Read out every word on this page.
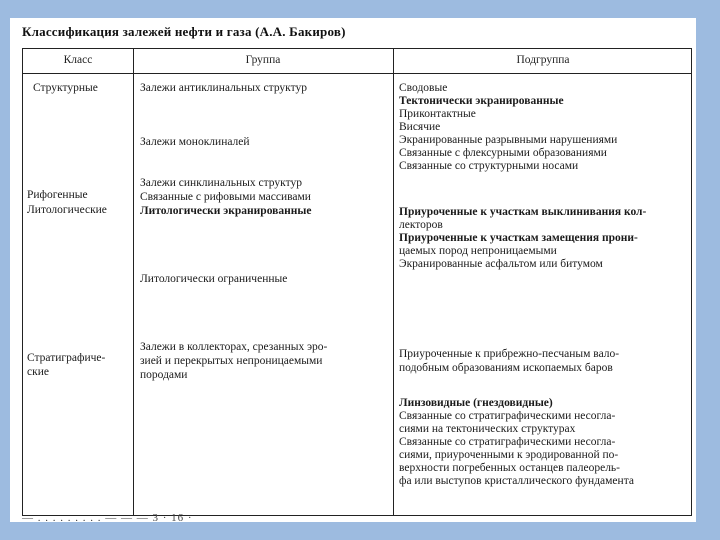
Классификация залежей нефти и газа (А.А. Бакиров)
Класс	Группа	Подгруппа
Структурные
Рифогенные
Литологические
Стратиграфиче-
ские
Залежи антиклинальных структур
Залежи моноклиналей
Залежи синклинальных структур
Связанные с рифовыми массивами
Литологически экранированные
Литологически ограниченные
Залежи в коллекторах, срезанных эро-
зией и перекрытых непроницаемыми
породами
Сводовые
Тектонически экранированные
Приконтактные
Висячие
Экранированные разрывными нарушениями
Связанные с флексурными образованиями
Связанные со структурными носами
Приуроченные к участкам выклинивания кол-
лекторов
Приуроченные к участкам замещения прони-
цаемых пород непроницаемыми
Экранированные асфальтом или битумом
Приуроченные к прибрежно-песчаным вало-
подобным образованиям ископаемых баров
Линзовидные (гнездовидные)
Связанные со стратиграфическими несогла-
сиями на тектонических структурах
Связанные со стратиграфическими несогла-
сиями, приуроченными к эродированной по-
верхности погребенных останцев палеорель-
фа или выступов кристаллического фундамента
— . . . . . . . . . — — — 3 · 16 ·
